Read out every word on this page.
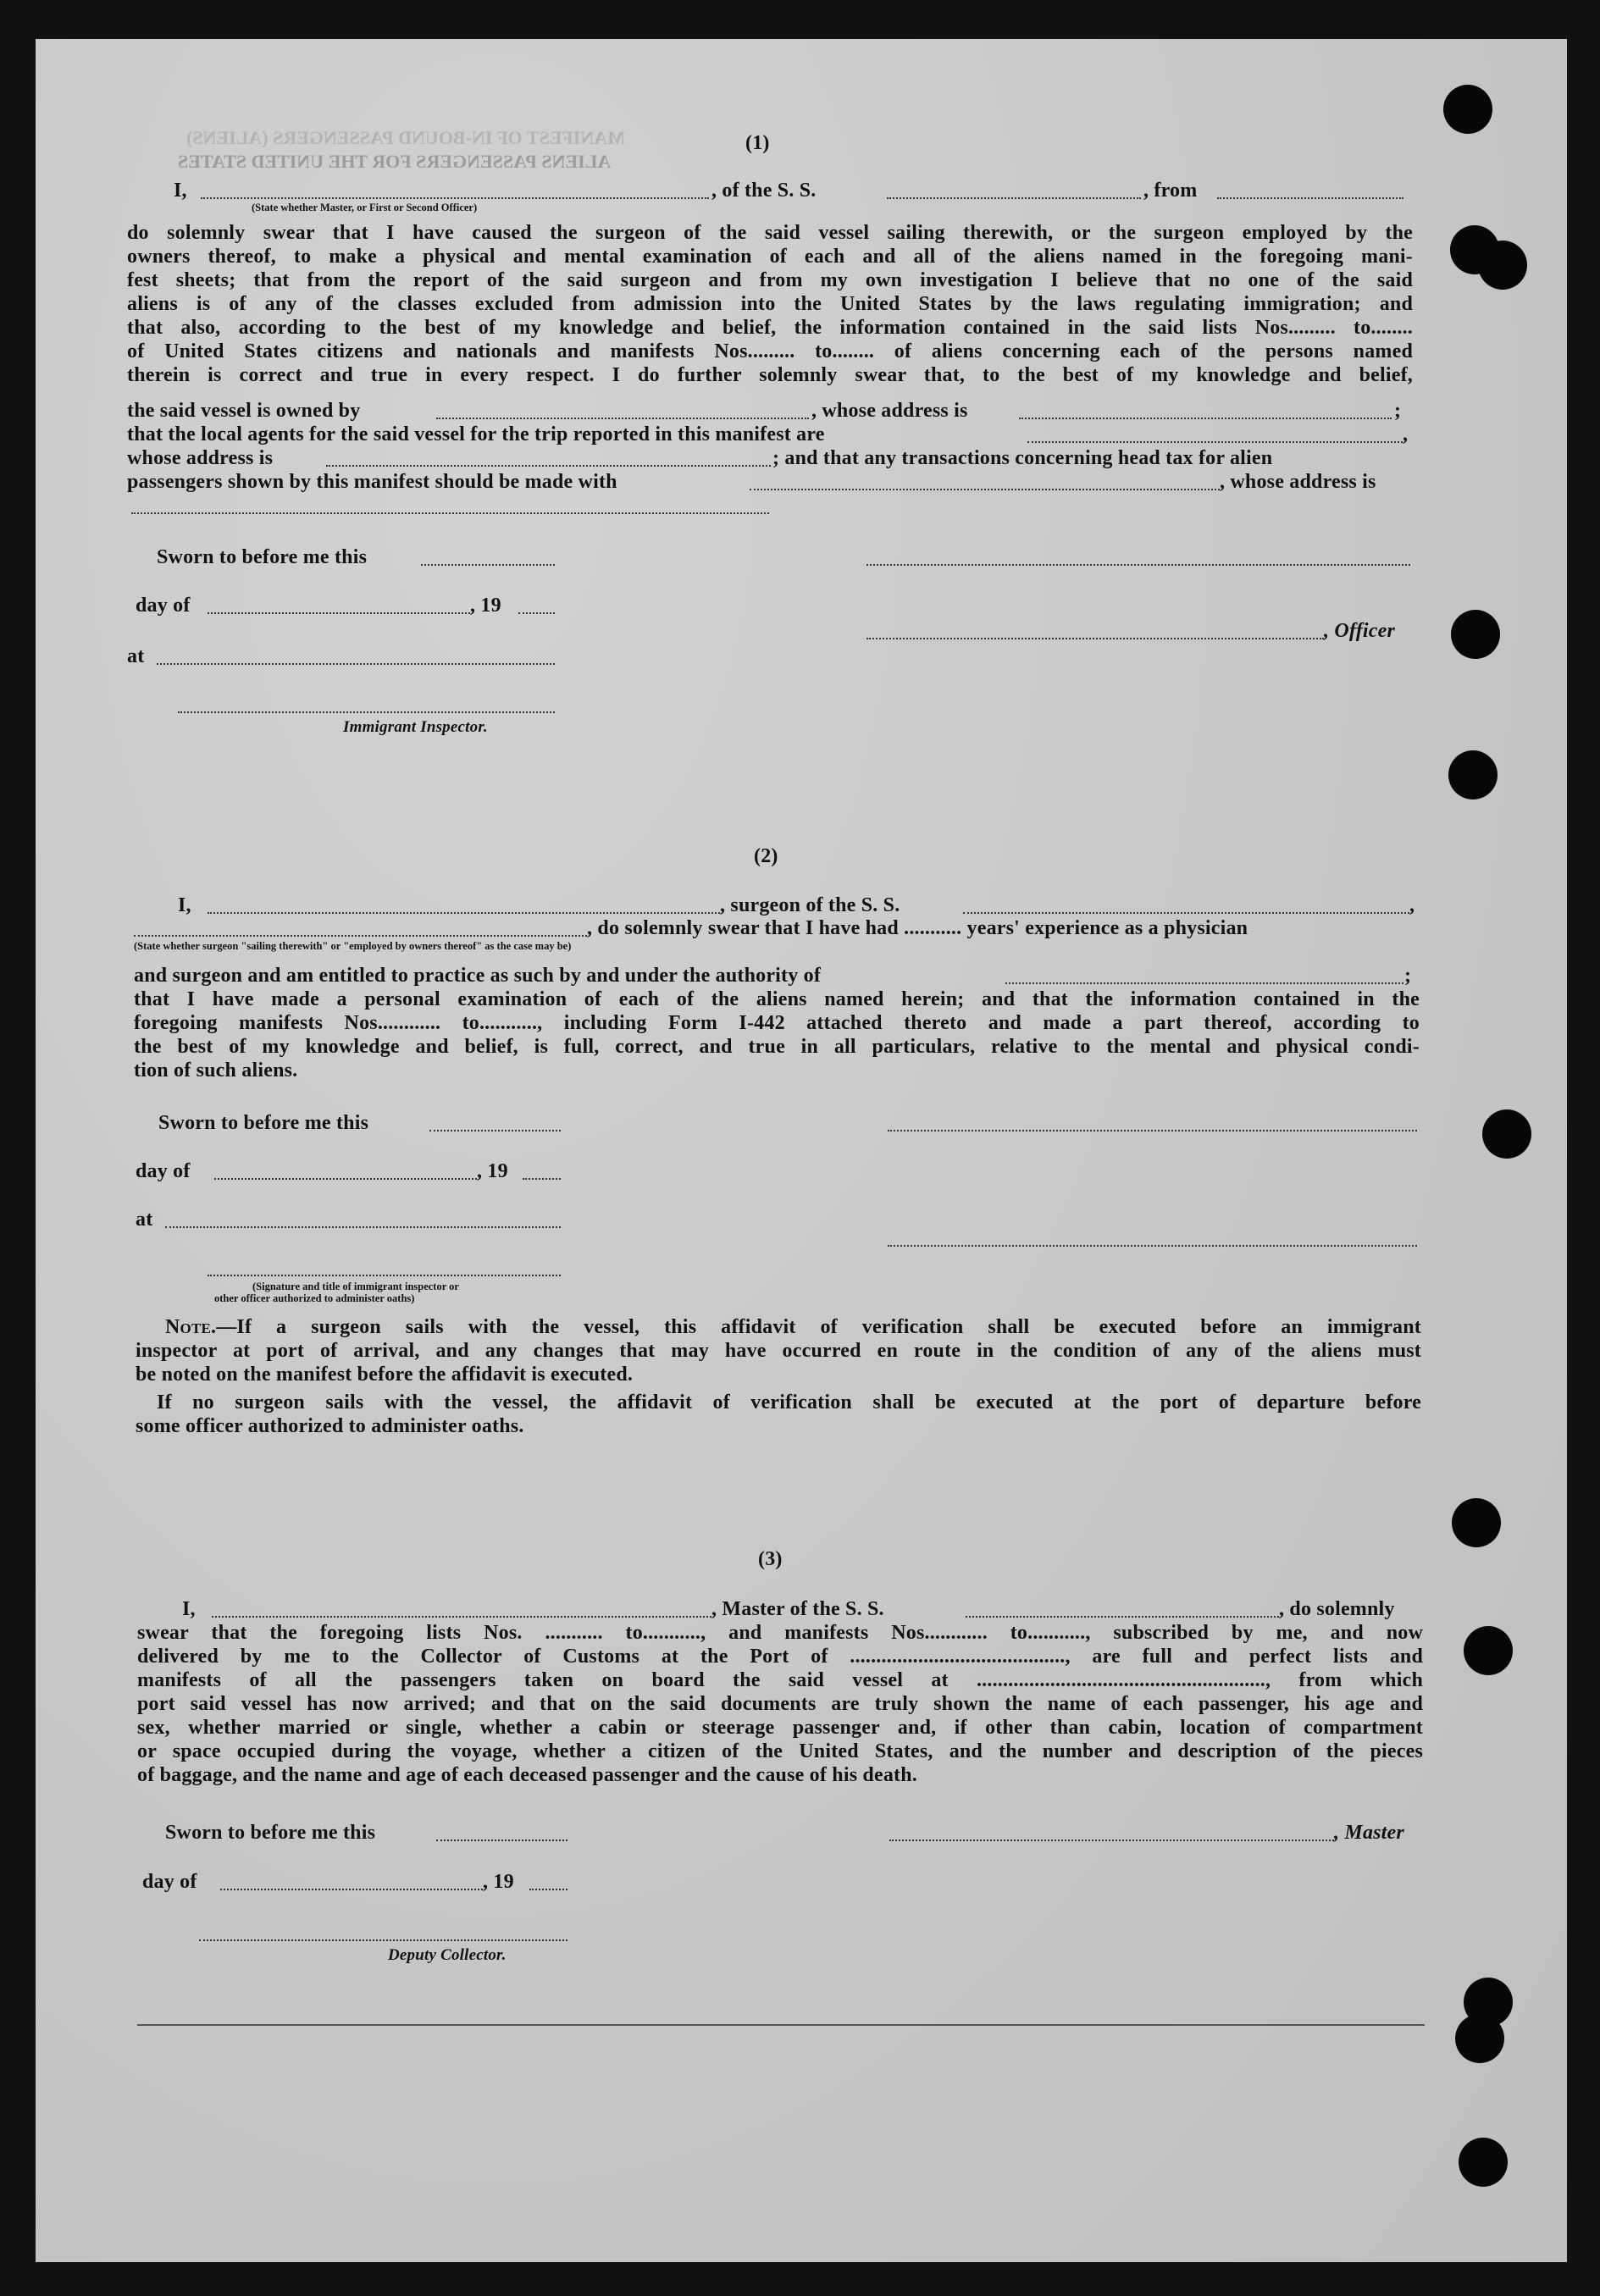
MANIFEST OF IN-BOUND PASSENGERS (ALIENS)
ALIENS PASSENGERS FOR THE UNITED STATES
(1)
I,	, of the S. S.	, from
(State whether Master, or First or Second Officer)
do solemnly swear that I have caused the surgeon of the said vessel sailing therewith, or the surgeon employed by the
owners thereof, to make a physical and mental examination of each and all of the aliens named in the foregoing mani-
fest sheets; that from the report of the said surgeon and from my own investigation I believe that no one of the said
aliens is of any of the classes excluded from admission into the United States by the laws regulating immigration; and
that also, according to the best of my knowledge and belief, the information contained in the said lists Nos......... to........
of United States citizens and nationals and manifests Nos......... to........ of aliens concerning each of the persons named
therein is correct and true in every respect. I do further solemnly swear that, to the best of my knowledge and belief,
the said vessel is owned by	, whose address is	;
that the local agents for the said vessel for the trip reported in this manifest are	,
whose address is	; and that any transactions concerning head tax for alien
passengers shown by this manifest should be made with	, whose address is
Sworn to before me this
day of	, 19
, Officer
at
Immigrant Inspector.
(2)
I,	, surgeon of the S. S.	,
, do solemnly swear that I have had ........... years' experience as a physician
(State whether surgeon "sailing therewith" or "employed by owners thereof" as the case may be)
and surgeon and am entitled to practice as such by and under the authority of	;
that I have made a personal examination of each of the aliens named herein; and that the information contained in the
foregoing manifests Nos............ to..........., including Form I-442 attached thereto and made a part thereof, according to
the best of my knowledge and belief, is full, correct, and true in all particulars, relative to the mental and physical condi-
tion of such aliens.
Sworn to before me this
day of	, 19
at
(Signature and title of immigrant inspector or
other officer authorized to administer oaths)
Note.—If a surgeon sails with the vessel, this affidavit of verification shall be executed before an immigrant
inspector at port of arrival, and any changes that may have occurred en route in the condition of any of the aliens must
be noted on the manifest before the affidavit is executed.
If no surgeon sails with the vessel, the affidavit of verification shall be executed at the port of departure before
some officer authorized to administer oaths.
(3)
I,	, Master of the S. S.	, do solemnly
swear that the foregoing lists Nos. ........... to..........., and manifests Nos............ to..........., subscribed by me, and now
delivered by me to the Collector of Customs at the Port of ........................................., are full and perfect lists and
manifests of all the passengers taken on board the said vessel at ......................................................., from which
port said vessel has now arrived; and that on the said documents are truly shown the name of each passenger, his age and
sex, whether married or single, whether a cabin or steerage passenger and, if other than cabin, location of compartment
or space occupied during the voyage, whether a citizen of the United States, and the number and description of the pieces
of baggage, and the name and age of each deceased passenger and the cause of his death.
Sworn to before me this	, Master
day of	, 19
Deputy Collector.
